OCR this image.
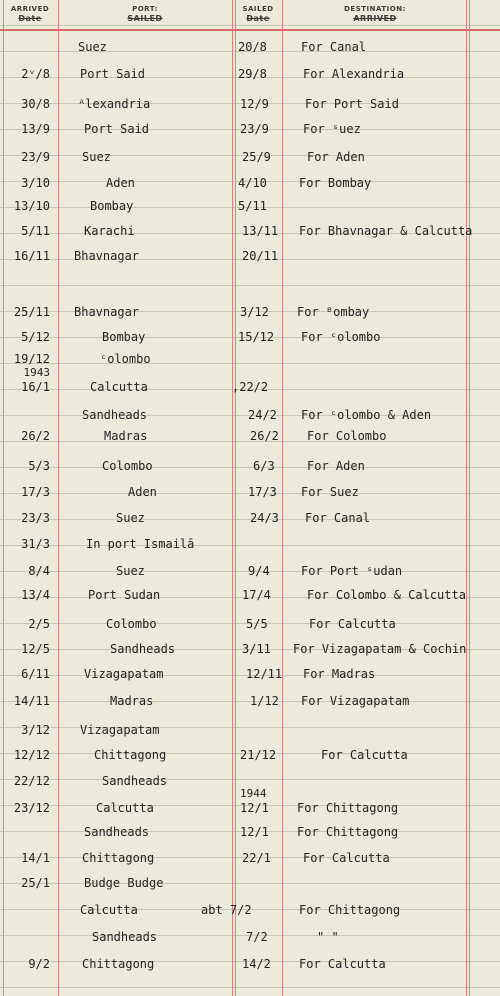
ARRIVED
Date
PORT:
SAILED
SAILED
Date
DESTINATION:
ARRIVED
Suez	20/8	For Canal
2ᵛ/8	Port Said	29/8	For Alexandria
30/8 ᴬlexandria	12/9	For Port Said
13/9	Port Said	23/9	For ˢuez
23/9	Suez	25/9	For Aden
3/10	Aden	4/10	For Bombay
13/10	Bombay	5/11
5/11	Karachi	13/11	For Bhavnagar & Calcutta
16/11 Bhavnagar	20/11
25/11 Bhavnagar	3/12	For ᴮombay
5/12	Bombay	15/12	For ᶜolombo
19/12	ᶜolombo
1943
16/1	Calcutta	,22/2
Sandheads	24/2	For ᶜolombo & Aden
26/2	Madras	26/2	For Colombo
5/3	Colombo	6/3	For Aden
17/3	Aden	17/3	For Suez
23/3	Suez	24/3	For Canal
31/3	In port Ismailā
8/4	Suez	9/4	For Port ˢudan
13/4	Port Sudan	17/4	For Colombo & Calcutta
2/5	Colombo	5/5	For Calcutta
12/5	Sandheads	3/11	For Vizagapatam & Cochin
6/11	Vizagapatam	12/11	For Madras
14/11	Madras	1/12	For Vizagapatam
3/12	Vizagapatam
12/12	Chittagong	21/12	For Calcutta
22/12	Sandheads
1944
23/12	Calcutta	12/1	For Chittagong
Sandheads	12/1	For Chittagong
14/1	Chittagong	22/1	For Calcutta
25/1	Budge Budge
Calcutta	abt 7/2	For Chittagong
Sandheads	7/2	" "
9/2	Chittagong	14/2	For Calcutta
